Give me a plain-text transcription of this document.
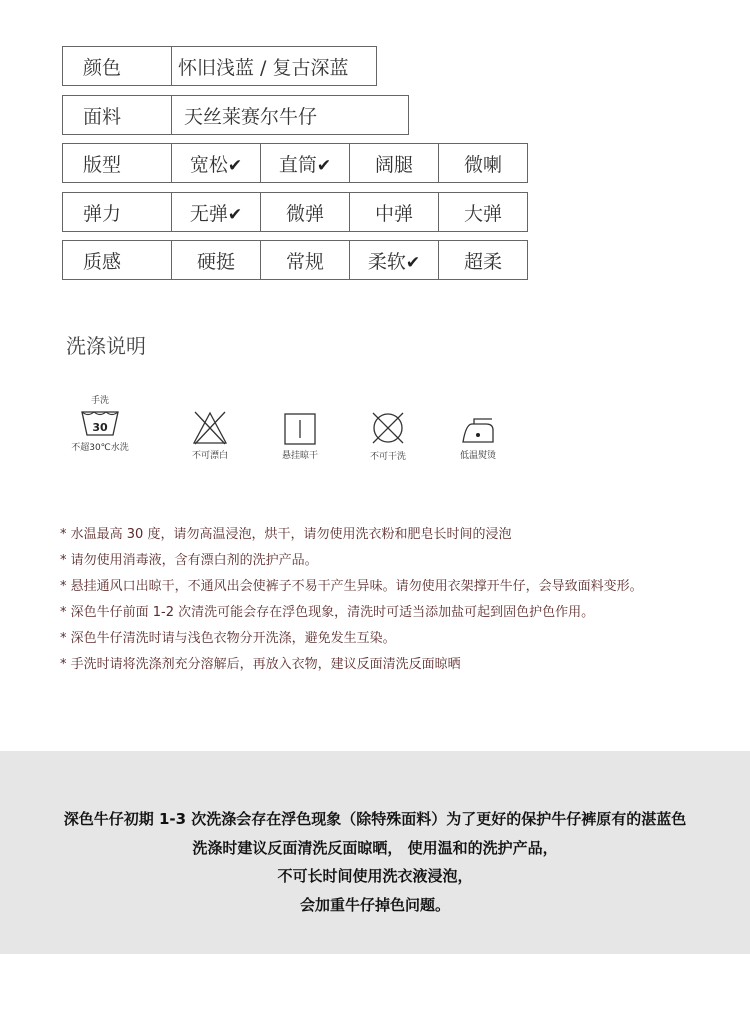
颜色	怀旧浅蓝 / 复古深蓝
面料	天丝莱赛尔牛仔
版型	宽松✔	直筒✔	阔腿	微喇
弹力	无弹✔	微弹	中弹	大弹
质感	硬挺	常规	柔软✔	超柔
洗涤说明
手洗
30
不超30℃水洗
不可漂白	悬挂晾干	不可干洗	低温熨烫
* 水温最高 30 度，请勿高温浸泡，烘干，请勿使用洗衣粉和肥皂长时间的浸泡
* 请勿使用消毒液，含有漂白剂的洗护产品。
* 悬挂通风口出晾干，不通风出会使裤子不易干产生异味。请勿使用衣架撑开牛仔，会导致面料变形。
* 深色牛仔前面 1-2 次清洗可能会存在浮色现象，清洗时可适当添加盐可起到固色护色作用。
* 深色牛仔清洗时请与浅色衣物分开洗涤，避免发生互染。
* 手洗时请将洗涤剂充分溶解后，再放入衣物，建议反面清洗反面晾晒

深色牛仔初期 1-3 次洗涤会存在浮色现象（除特殊面料）为了更好的保护牛仔裤原有的湛蓝色

洗涤时建议反面清洗反面晾晒， 使用温和的洗护产品，

不可长时间使用洗衣液浸泡，

会加重牛仔掉色问题。
